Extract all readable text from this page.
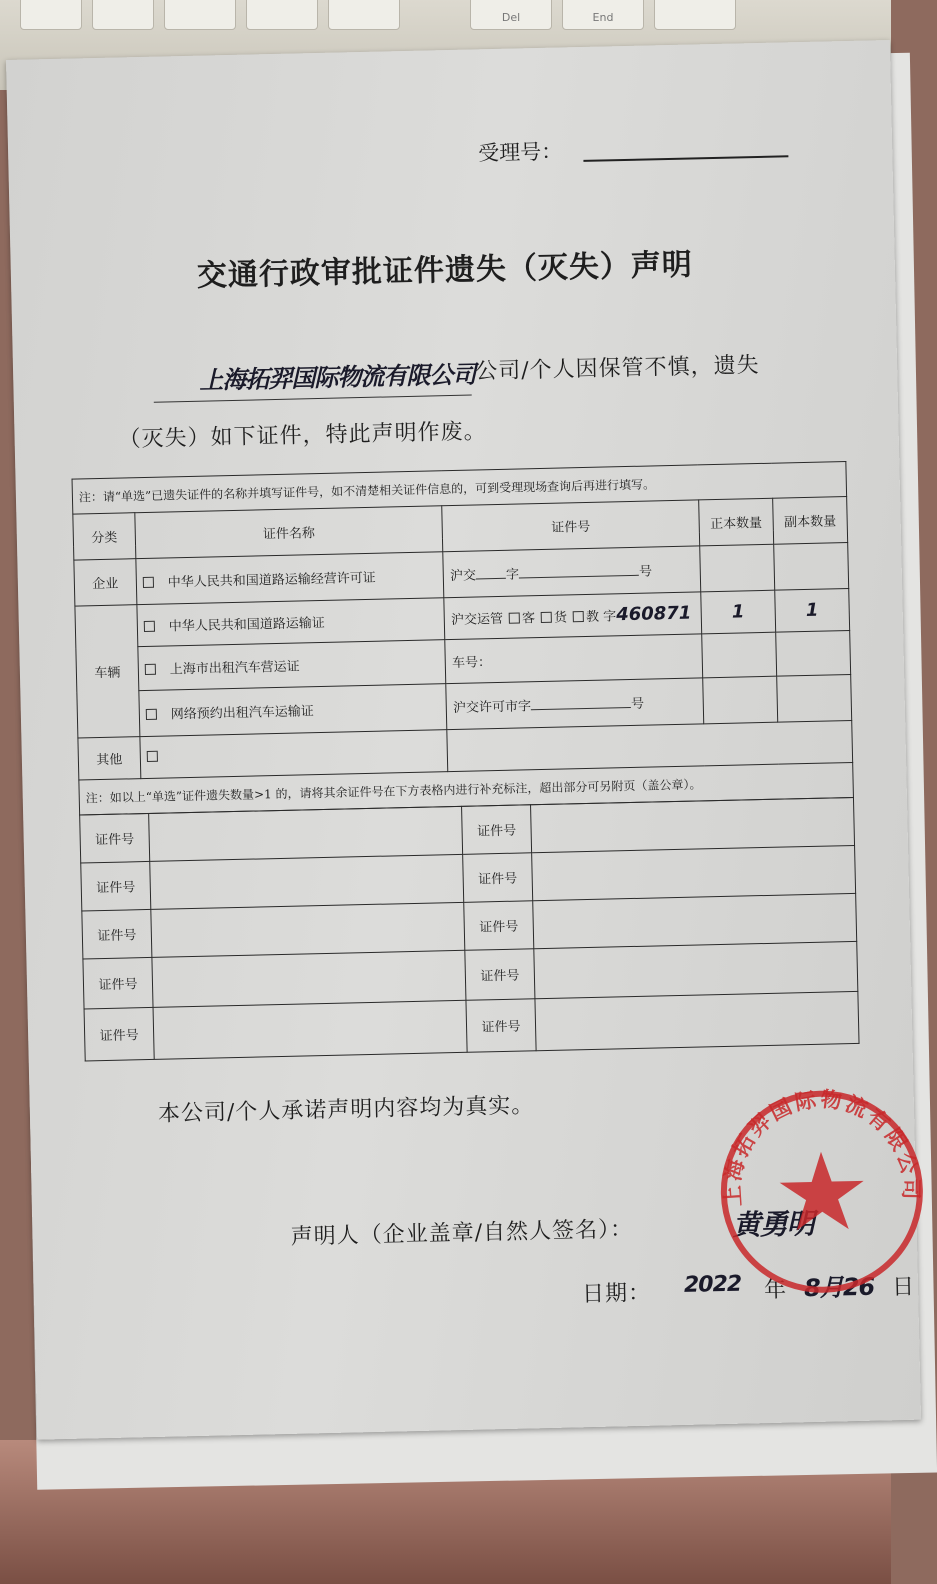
Del	End
受理号：
交通行政审批证件遗失（灭失）声明
上海拓羿国际物流有限公司 公司/个人因保管不慎，遗失
（灭失）如下证件，特此声明作废。
注：请“单选”已遗失证件的名称并填写证件号，如不清楚相关证件信息的，可到受理现场查询后再进行填写。				
分类	证件名称	证件号	正本数量	副本数量

企业	中华人民共和国道路运输经营许可证	沪交 字 号		
车辆	中华人民共和国道路运输证	沪交运管 客 货 教 字460871	1	1
	上海市出租汽车营运证	车号：		
	网络预约出租汽车运输证	沪交许可市字 号		
其他				
注：如以上“单选”证件遗失数量>1 的，请将其余证件号在下方表格内进行补充标注，超出部分可另附页（盖公章）。				
证件号		证件号	
证件号		证件号	
证件号		证件号	
证件号		证件号	
证件号		证件号	
本公司/个人承诺声明内容均为真实。
声明人（企业盖章/自然人签名）：	黄勇明
日期： 2022 年 8月26 日
上海拓羿国际物流有限公司
